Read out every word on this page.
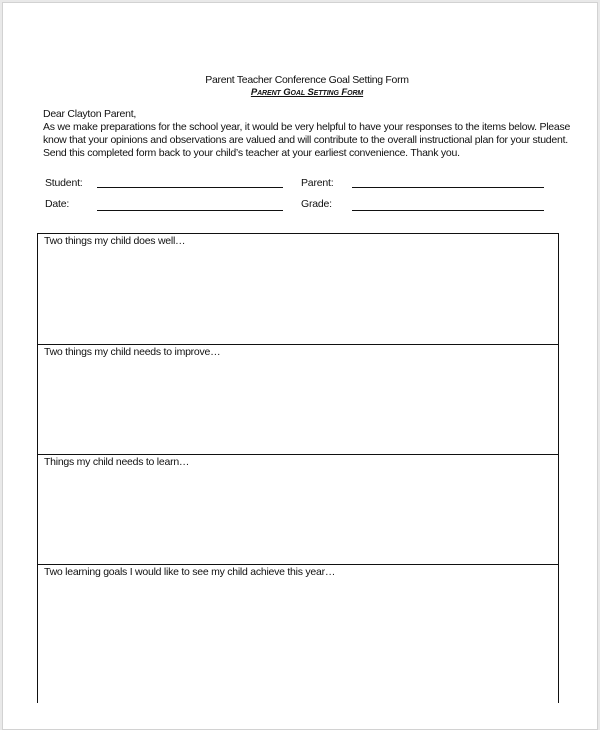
Parent Teacher Conference Goal Setting Form
Parent Goal Setting Form
Dear Clayton Parent,
As we make preparations for the school year, it would be very helpful to have your responses to the items below. Please
know that your opinions and observations are valued and will contribute to the overall instructional plan for your student.
Send this completed form back to your child’s teacher at your earliest convenience. Thank you.
Student:	Parent:
Date:	Grade:
Two things my child does well…
Two things my child needs to improve…
Things my child needs to learn…
Two learning goals I would like to see my child achieve this year…
